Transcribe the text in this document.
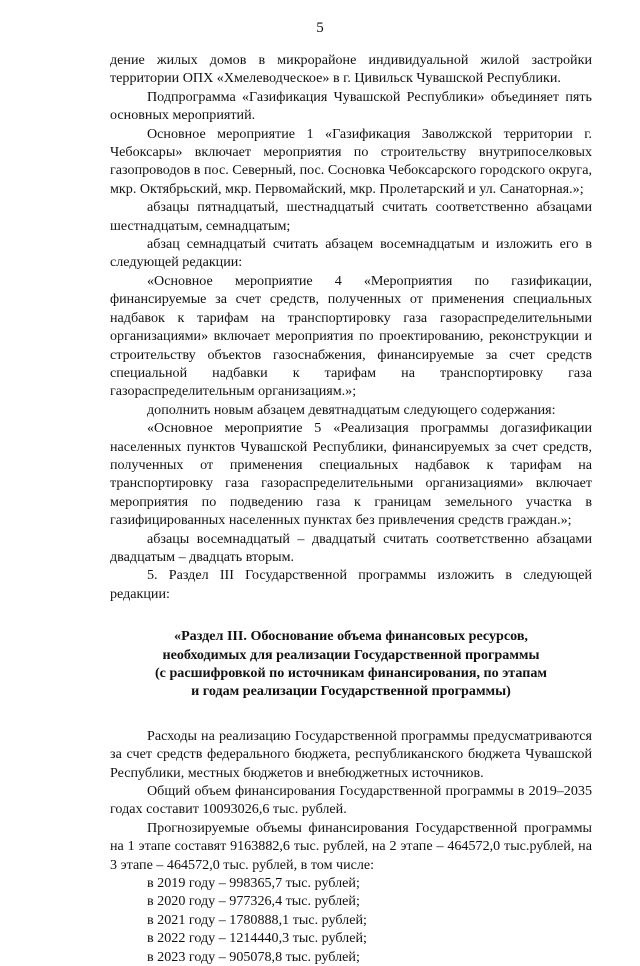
5

дение жилых домов в микрорайоне индивидуальной жилой застройки территории ОПХ «Хмелеводческое» в г. Цивильск Чувашской Республики.

Подпрограмма «Газификация Чувашской Республики» объединяет пять основных мероприятий.

Основное мероприятие 1 «Газификация Заволжской территории г. Чебоксары» включает мероприятия по строительству внутрипоселковых газопроводов в пос. Северный, пос. Сосновка Чебоксарского городского округа, мкр. Октябрьский, мкр. Первомайский, мкр. Пролетарский и ул. Санаторная.»;

абзацы пятнадцатый, шестнадцатый считать соответственно абзацами шестнадцатым, семнадцатым;

абзац семнадцатый считать абзацем восемнадцатым и изложить его в следующей редакции:

«Основное мероприятие 4 «Мероприятия по газификации, финансируемые за счет средств, полученных от применения специальных надбавок к тарифам на транспортировку газа газораспределительными организациями» включает мероприятия по проектированию, реконструкции и строительству объектов газоснабжения, финансируемые за счет средств специальной надбавки к тарифам на транспортировку газа газораспределительным организациям.»;

дополнить новым абзацем девятнадцатым следующего содержания:

«Основное мероприятие 5 «Реализация программы догазификации населенных пунктов Чувашской Республики, финансируемых за счет средств, полученных от применения специальных надбавок к тарифам на транспортировку газа газораспределительными организациями» включает мероприятия по подведению газа к границам земельного участка в газифицированных населенных пунктах без привлечения средств граждан.»;

абзацы восемнадцатый – двадцатый считать соответственно абзацами двадцатым – двадцать вторым.

5. Раздел III Государственной программы изложить в следующей редакции:

«Раздел III. Обоснование объема финансовых ресурсов,
необходимых для реализации Государственной программы
(с расшифровкой по источникам финансирования, по этапам
и годам реализации Государственной программы)

Расходы на реализацию Государственной программы предусматриваются за счет средств федерального бюджета, республиканского бюджета Чувашской Республики, местных бюджетов и внебюджетных источников.

Общий объем финансирования Государственной программы в 2019–2035 годах составит 10093026,6 тыс. рублей.

Прогнозируемые объемы финансирования Государственной программы на 1 этапе составят 9163882,6 тыс. рублей, на 2 этапе – 464572,0 тыс.рублей, на 3 этапе – 464572,0 тыс. рублей, в том числе:

в 2019 году – 998365,7 тыс. рублей;

в 2020 году – 977326,4 тыс. рублей;

в 2021 году – 1780888,1 тыс. рублей;

в 2022 году – 1214440,3 тыс. рублей;

в 2023 году – 905078,8 тыс. рублей;
